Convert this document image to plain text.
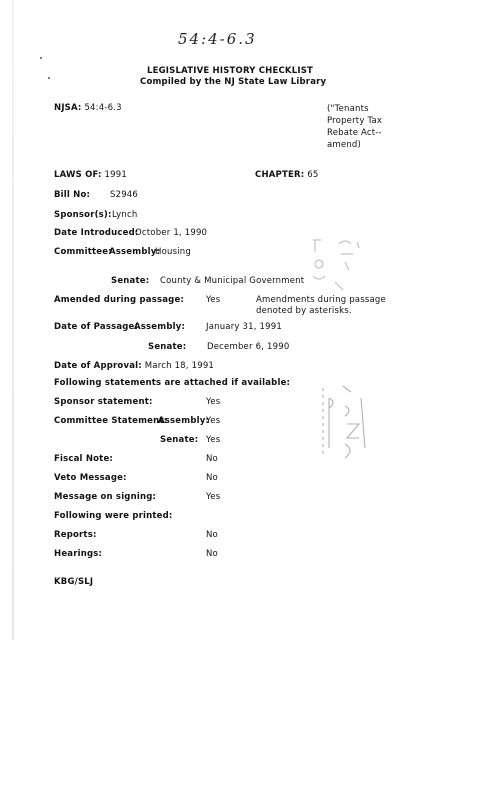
54:4-6.3
LEGISLATIVE HISTORY CHECKLIST
Compiled by the NJ State Law Library
NJSA: 54:4-6.3	("Tenants
Property Tax
Rebate Act--
amend)
LAWS OF: 1991	CHAPTER: 65
Bill No: S2946
Sponsor(s): Lynch
Date Introduced:
October 1, 1990
Committee:
Assembly:
Housing
Senate: County & Municipal Government
Amended during passage:	Yes	Amendments during passage
denoted by asterisks.
Date of Passage:
Assembly: January 31, 1991
Senate: December 6, 1990
Date of Approval: March 18, 1991
Following statements are attached if available:
Sponsor statement:	Yes
Committee Statement:
Assembly:
Yes
Senate: Yes
Fiscal Note:	No
Veto Message:	No
Message on signing:	Yes
Following were printed:
Reports:	No
Hearings:	No
KBG/SLJ
